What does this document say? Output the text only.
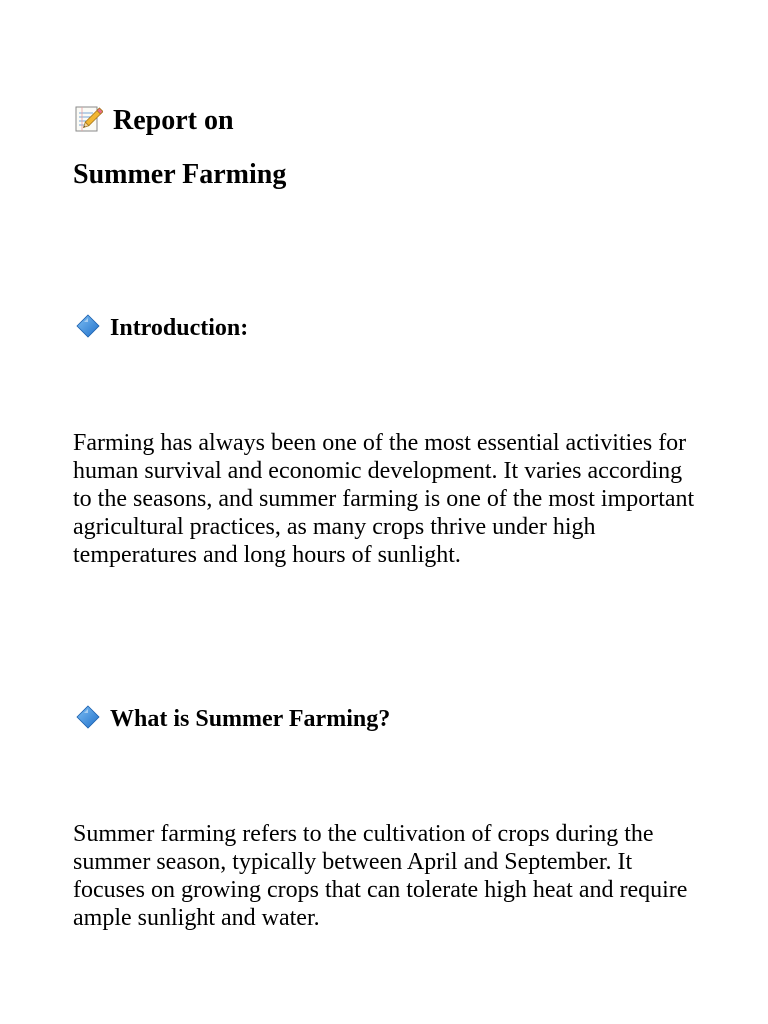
Report on
Summer Farming
Introduction:

Farming has always been one of the most essential activities for human survival and economic development. It varies according to the seasons, and summer farming is one of the most important agricultural practices, as many crops thrive under high temperatures and long hours of sunlight.

What is Summer Farming?

Summer farming refers to the cultivation of crops during the summer season, typically between April and September. It focuses on growing crops that can tolerate high heat and require ample sunlight and water.
